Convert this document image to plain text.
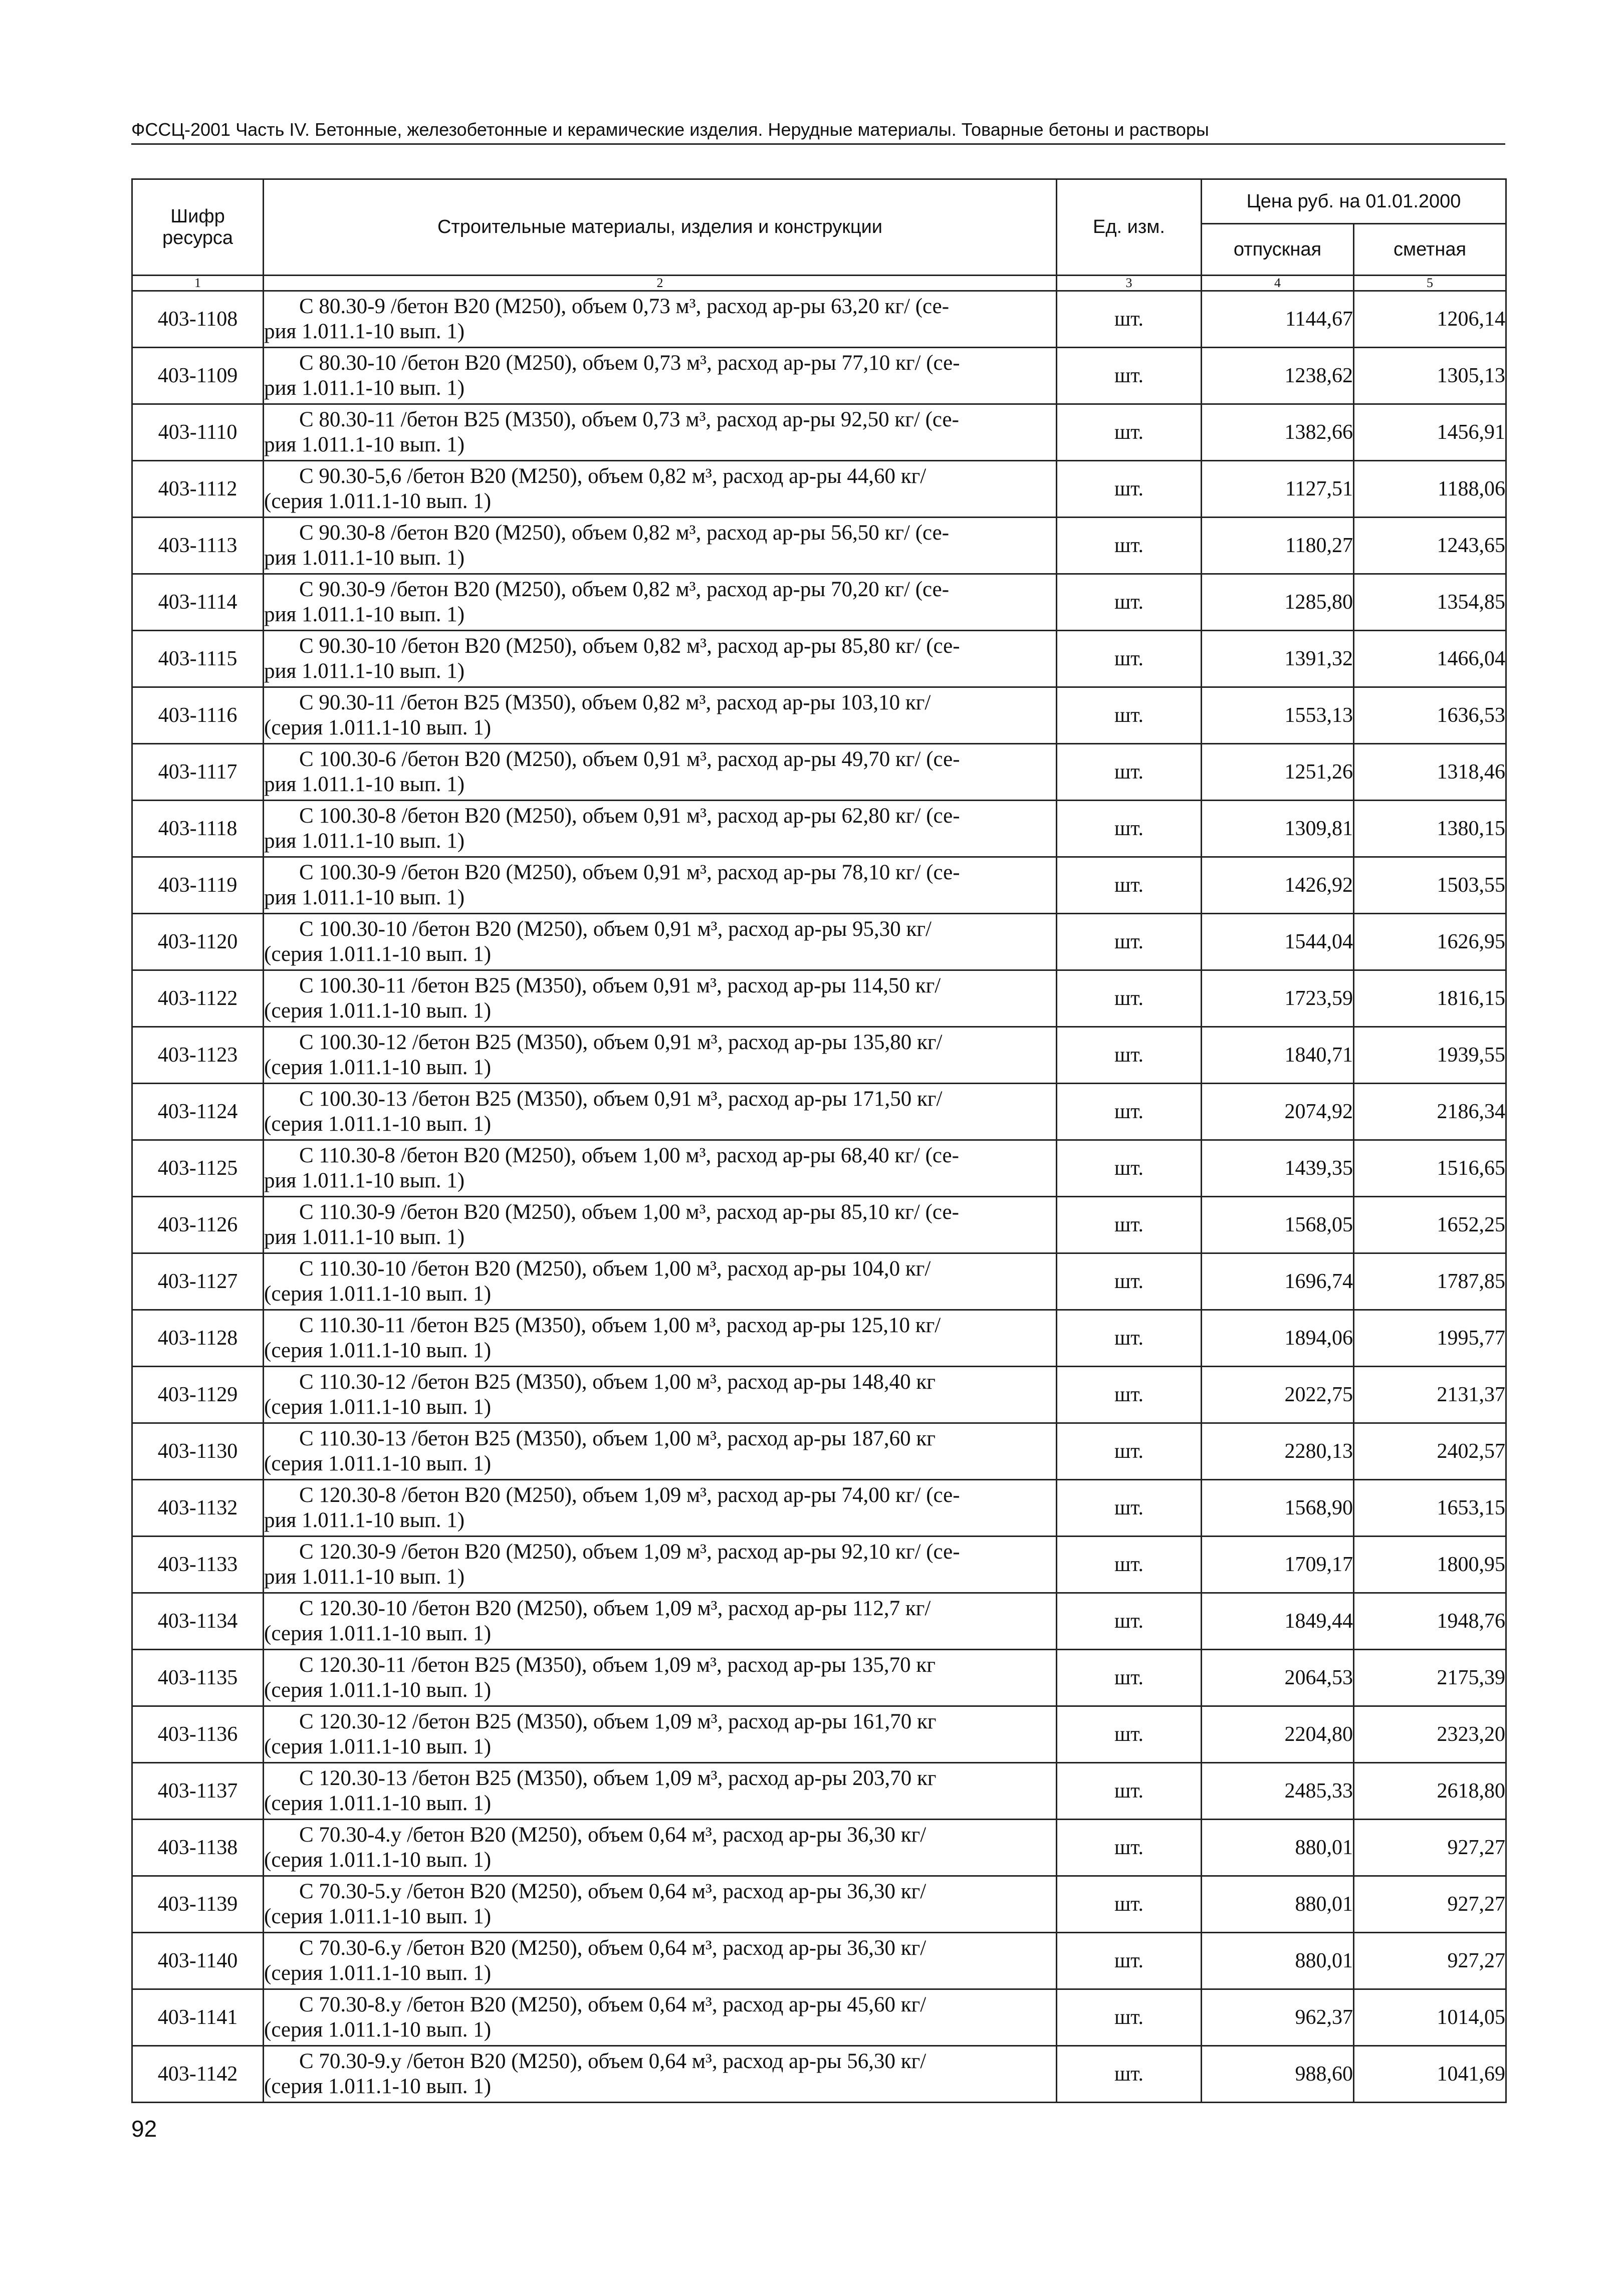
ФССЦ-2001 Часть IV. Бетонные, железобетонные и керамические изделия. Нерудные материалы. Товарные бетоны и растворы
Шифр ресурса	Строительные материалы, изделия и конструкции	Ед. изм.	Цена руб. на 01.01.2000	
			отпускная	сметная
1	2	3	4	5
403-1108	С 80.30-9 /бетон В20 (М250), объем 0,73 м³, расход ар-ры 63,20 кг/ (се-
рия 1.011.1-10 вып. 1)	шт.	1144,67	1206,14
403-1109	С 80.30-10 /бетон В20 (М250), объем 0,73 м³, расход ар-ры 77,10 кг/ (се-
рия 1.011.1-10 вып. 1)	шт.	1238,62	1305,13
403-1110	С 80.30-11 /бетон В25 (М350), объем 0,73 м³, расход ар-ры 92,50 кг/ (се-
рия 1.011.1-10 вып. 1)	шт.	1382,66	1456,91
403-1112	С 90.30-5,6 /бетон В20 (М250), объем 0,82 м³, расход ар-ры 44,60 кг/
(серия 1.011.1-10 вып. 1)	шт.	1127,51	1188,06
403-1113	С 90.30-8 /бетон В20 (М250), объем 0,82 м³, расход ар-ры 56,50 кг/ (се-
рия 1.011.1-10 вып. 1)	шт.	1180,27	1243,65
403-1114	С 90.30-9 /бетон В20 (М250), объем 0,82 м³, расход ар-ры 70,20 кг/ (се-
рия 1.011.1-10 вып. 1)	шт.	1285,80	1354,85
403-1115	С 90.30-10 /бетон В20 (М250), объем 0,82 м³, расход ар-ры 85,80 кг/ (се-
рия 1.011.1-10 вып. 1)	шт.	1391,32	1466,04
403-1116	С 90.30-11 /бетон В25 (М350), объем 0,82 м³, расход ар-ры 103,10 кг/
(серия 1.011.1-10 вып. 1)	шт.	1553,13	1636,53
403-1117	С 100.30-6 /бетон В20 (М250), объем 0,91 м³, расход ар-ры 49,70 кг/ (се-
рия 1.011.1-10 вып. 1)	шт.	1251,26	1318,46
403-1118	С 100.30-8 /бетон В20 (М250), объем 0,91 м³, расход ар-ры 62,80 кг/ (се-
рия 1.011.1-10 вып. 1)	шт.	1309,81	1380,15
403-1119	С 100.30-9 /бетон В20 (М250), объем 0,91 м³, расход ар-ры 78,10 кг/ (се-
рия 1.011.1-10 вып. 1)	шт.	1426,92	1503,55
403-1120	С 100.30-10 /бетон В20 (М250), объем 0,91 м³, расход ар-ры 95,30 кг/
(серия 1.011.1-10 вып. 1)	шт.	1544,04	1626,95
403-1122	С 100.30-11 /бетон В25 (М350), объем 0,91 м³, расход ар-ры 114,50 кг/
(серия 1.011.1-10 вып. 1)	шт.	1723,59	1816,15
403-1123	С 100.30-12 /бетон В25 (М350), объем 0,91 м³, расход ар-ры 135,80 кг/
(серия 1.011.1-10 вып. 1)	шт.	1840,71	1939,55
403-1124	С 100.30-13 /бетон В25 (М350), объем 0,91 м³, расход ар-ры 171,50 кг/
(серия 1.011.1-10 вып. 1)	шт.	2074,92	2186,34
403-1125	С 110.30-8 /бетон В20 (М250), объем 1,00 м³, расход ар-ры 68,40 кг/ (се-
рия 1.011.1-10 вып. 1)	шт.	1439,35	1516,65
403-1126	С 110.30-9 /бетон В20 (М250), объем 1,00 м³, расход ар-ры 85,10 кг/ (се-
рия 1.011.1-10 вып. 1)	шт.	1568,05	1652,25
403-1127	С 110.30-10 /бетон В20 (М250), объем 1,00 м³, расход ар-ры 104,0 кг/
(серия 1.011.1-10 вып. 1)	шт.	1696,74	1787,85
403-1128	С 110.30-11 /бетон В25 (М350), объем 1,00 м³, расход ар-ры 125,10 кг/
(серия 1.011.1-10 вып. 1)	шт.	1894,06	1995,77
403-1129	С 110.30-12 /бетон В25 (М350), объем 1,00 м³, расход ар-ры 148,40 кг
(серия 1.011.1-10 вып. 1)	шт.	2022,75	2131,37
403-1130	С 110.30-13 /бетон В25 (М350), объем 1,00 м³, расход ар-ры 187,60 кг
(серия 1.011.1-10 вып. 1)	шт.	2280,13	2402,57
403-1132	С 120.30-8 /бетон В20 (М250), объем 1,09 м³, расход ар-ры 74,00 кг/ (се-
рия 1.011.1-10 вып. 1)	шт.	1568,90	1653,15
403-1133	С 120.30-9 /бетон В20 (М250), объем 1,09 м³, расход ар-ры 92,10 кг/ (се-
рия 1.011.1-10 вып. 1)	шт.	1709,17	1800,95
403-1134	С 120.30-10 /бетон В20 (М250), объем 1,09 м³, расход ар-ры 112,7 кг/
(серия 1.011.1-10 вып. 1)	шт.	1849,44	1948,76
403-1135	С 120.30-11 /бетон В25 (М350), объем 1,09 м³, расход ар-ры 135,70 кг
(серия 1.011.1-10 вып. 1)	шт.	2064,53	2175,39
403-1136	С 120.30-12 /бетон В25 (М350), объем 1,09 м³, расход ар-ры 161,70 кг
(серия 1.011.1-10 вып. 1)	шт.	2204,80	2323,20
403-1137	С 120.30-13 /бетон В25 (М350), объем 1,09 м³, расход ар-ры 203,70 кг
(серия 1.011.1-10 вып. 1)	шт.	2485,33	2618,80
403-1138	С 70.30-4.у /бетон В20 (М250), объем 0,64 м³, расход ар-ры 36,30 кг/
(серия 1.011.1-10 вып. 1)	шт.	880,01	927,27
403-1139	С 70.30-5.у /бетон В20 (М250), объем 0,64 м³, расход ар-ры 36,30 кг/
(серия 1.011.1-10 вып. 1)	шт.	880,01	927,27
403-1140	С 70.30-6.у /бетон В20 (М250), объем 0,64 м³, расход ар-ры 36,30 кг/
(серия 1.011.1-10 вып. 1)	шт.	880,01	927,27
403-1141	С 70.30-8.у /бетон В20 (М250), объем 0,64 м³, расход ар-ры 45,60 кг/
(серия 1.011.1-10 вып. 1)	шт.	962,37	1014,05
403-1142	С 70.30-9.у /бетон В20 (М250), объем 0,64 м³, расход ар-ры 56,30 кг/
(серия 1.011.1-10 вып. 1)	шт.	988,60	1041,69
92
